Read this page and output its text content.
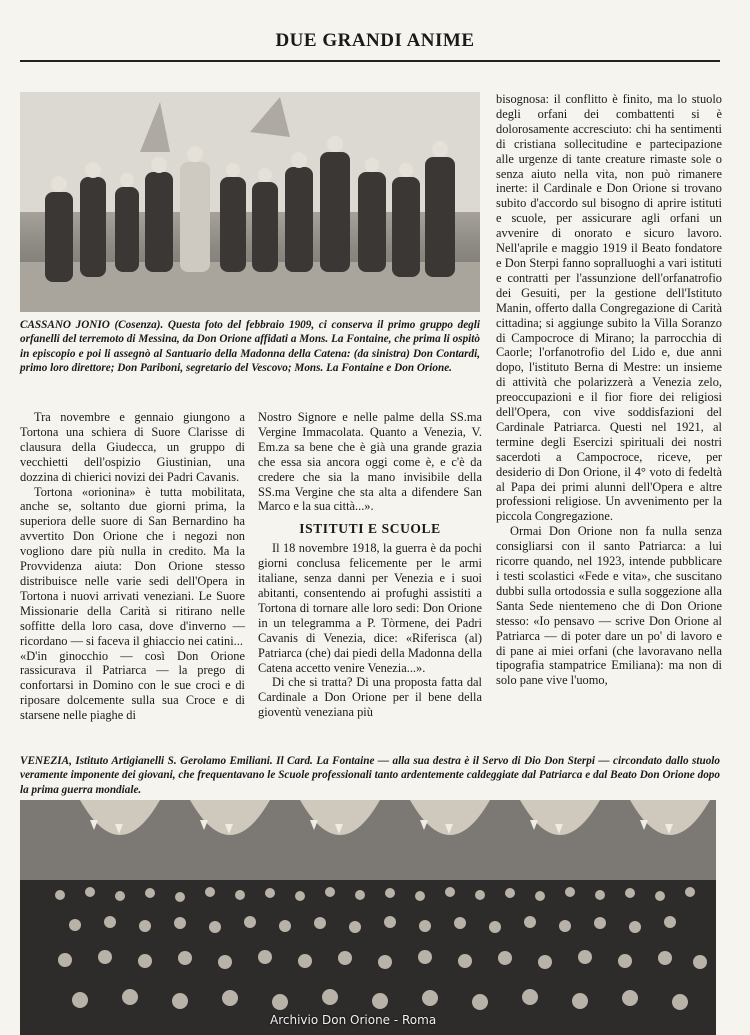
DUE GRANDI ANIME
CASSANO JONIO (Cosenza). Questa foto del febbraio 1909, ci conserva il primo gruppo degli orfanelli del terremoto di Messina, da Don Orione affidati a Mons. La Fontaine, che prima li ospitò in episcopio e poi li assegnò al Santuario della Madonna della Catena: (da sinistra) Don Contardi, primo loro direttore; Don Pariboni, segretario del Vescovo; Mons. La Fontaine e Don Orione.

Tra novembre e gennaio giungono a Tortona una schiera di Suore Clarisse di clausura della Giudecca, un gruppo di vecchietti dell'ospizio Giustinian, una dozzina di chierici novizi dei Padri Cavanis.

Tortona «orionina» è tutta mobilitata, anche se, soltanto due giorni prima, la superiora delle suore di San Bernardino ha avvertito Don Orione che i negozi non vogliono dare più nulla in credito. Ma la Provvidenza aiuta: Don Orione stesso distribuisce nelle varie sedi dell'Opera in Tortona i nuovi arrivati veneziani. Le Suore Missionarie della Carità si ritirano nelle soffitte della loro casa, dove d'inverno — ricordano — si faceva il ghiaccio nei catini...

«D'in ginocchio — così Don Orione rassicurava il Patriarca — la prego di confortarsi in Domino con le sue croci e di riposare dolcemente sulla sua Croce e di starsene nelle piaghe di

Nostro Signore e nelle palme della SS.ma Vergine Immacolata. Quanto a Venezia, V. Em.za sa bene che è già una grande grazia che essa sia ancora oggi come è, e c'è da credere che sia la mano invisibile della SS.ma Vergine che sta alta a difendere San Marco e la sua città...».

ISTITUTI E SCUOLE

Il 18 novembre 1918, la guerra è da pochi giorni conclusa felicemente per le armi italiane, senza danni per Venezia e i suoi abitanti, consentendo ai profughi assistiti a Tortona di tornare alle loro sedi: Don Orione in un telegramma a P. Tòrmene, dei Padri Cavanis di Venezia, dice: «Riferisca (al) Patriarca (che) dai piedi della Madonna della Catena accetto venire Venezia...».

Di che si tratta? Di una proposta fatta dal Cardinale a Don Orione per il bene della gioventù veneziana più

bisognosa: il conflitto è finito, ma lo stuolo degli orfani dei combattenti si è dolorosamente accresciuto: chi ha sentimenti di cristiana sollecitudine e partecipazione alle urgenze di tante creature rimaste sole o senza aiuto nella vita, non può rimanere inerte: il Cardinale e Don Orione si trovano subito d'accordo sul bisogno di aprire istituti e scuole, per assicurare agli orfani un avvenire di onorato e sicuro lavoro. Nell'aprile e maggio 1919 il Beato fondatore e Don Sterpi fanno sopralluoghi a vari istituti e contratti per l'assunzione dell'orfanatrofio dei Gesuiti, per la gestione dell'Istituto Manin, offerto dalla Congregazione di Carità cittadina; si aggiunge subito la Villa Soranzo di Campocroce di Mirano; la parrocchia di Caorle; l'orfanotrofio del Lido e, due anni dopo, l'istituto Berna di Mestre: un insieme di attività che polarizzerà a Venezia zelo, preoccupazioni e il fior fiore dei religiosi dell'Opera, con vive soddisfazioni del Cardinale Patriarca. Questi nel 1921, al termine degli Esercizi spirituali dei nostri sacerdoti a Campocroce, riceve, per desiderio di Don Orione, il 4° voto di fedeltà al Papa dei primi alunni dell'Opera e altre professioni religiose. Un avvenimento per la piccola Congregazione.

Ormai Don Orione non fa nulla senza consigliarsi con il santo Patriarca: a lui ricorre quando, nel 1923, intende pubblicare i testi scolastici «Fede e vita», che suscitano dubbi sulla ortodossia e sulla soggezione alla Santa Sede nientemeno che di Don Orione stesso: «Io pensavo — scrive Don Orione al Patriarca — di poter dare un po' di lavoro e di pane ai miei orfani (che lavoravano nella tipografia stampatrice Emiliana): ma non di solo pane vive l'uomo,

VENEZIA, Istituto Artigianelli S. Gerolamo Emiliani. Il Card. La Fontaine — alla sua destra è il Servo di Dio Don Sterpi — circondato dallo stuolo veramente imponente dei giovani, che frequentavano le Scuole professionali tanto ardentemente caldeggiate dal Patriarca e dal Beato Don Orione dopo la prima guerra mondiale.
Archivio Don Orione - Roma
